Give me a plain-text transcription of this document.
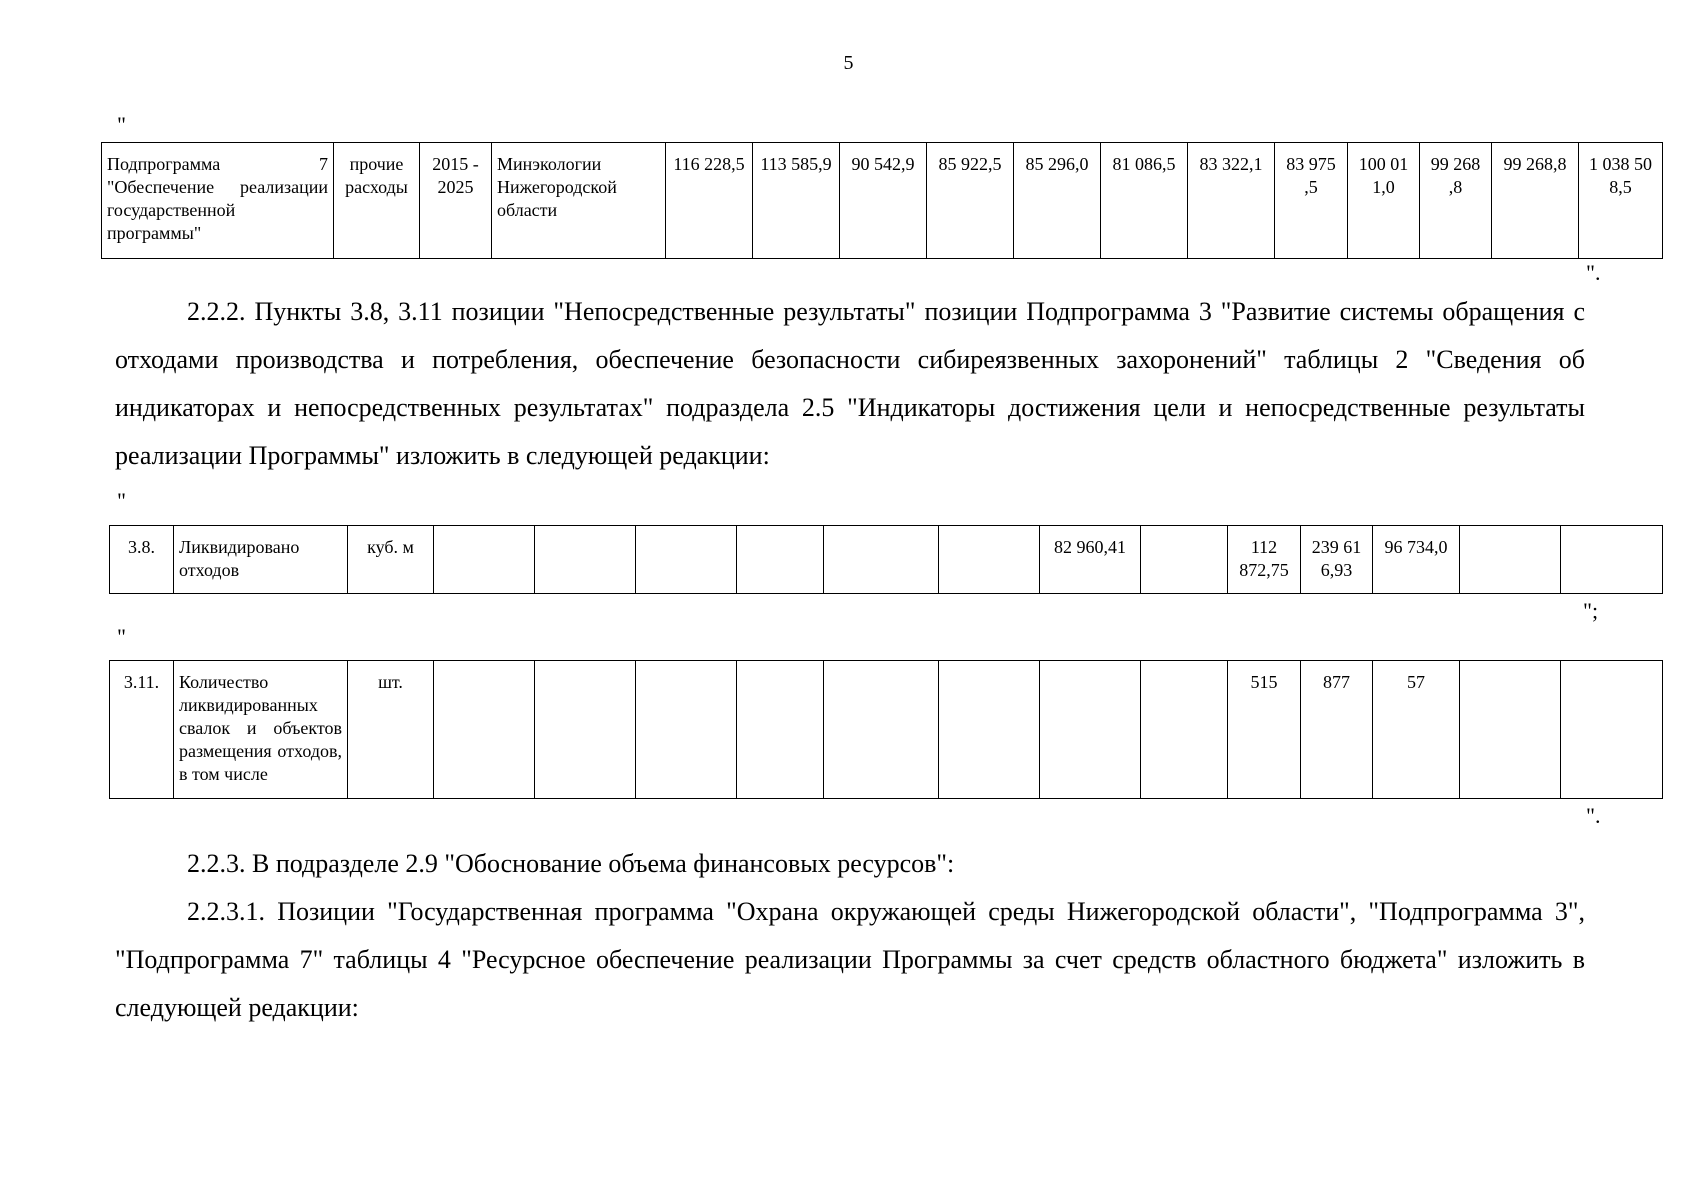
5
"
Подпрограмма 7 "Обеспечение реализации государственной программы"	прочие расходы	2015 - 2025	Минэкологии Нижегородской области	116 228,5	113 585,9	90 542,9	85 922,5	85 296,0	81 086,5	83 322,1	83 975 ,5	100 01 1,0	99 268 ,8	99 268,8	1 038 50 8,5
".
2.2.2. Пункты 3.8, 3.11 позиции "Непосредственные результаты" позиции Подпрограмма 3 "Развитие системы обращения с отходами производства и потребления, обеспечение безопасности сибиреязвенных захоронений" таблицы 2 "Сведения об индикаторах и непосредственных результатах" подраздела 2.5 "Индикаторы достижения цели и непосредственные результаты реализации Программы" изложить в следующей редакции:
"
3.8.	Ликвидировано отходов	куб. м							82 960,41		112 872,75	239 61 6,93	96 734,0		
";
"
3.11.	Количество ликвидированных свалок и объектов размещения отходов, в том числе	шт.									515	877	57		
".
2.2.3. В подразделе 2.9 "Обоснование объема финансовых ресурсов":
2.2.3.1. Позиции "Государственная программа "Охрана окружающей среды Нижегородской области", "Подпрограмма 3", "Подпрограмма 7" таблицы 4 "Ресурсное обеспечение реализации Программы за счет средств областного бюджета" изложить в следующей редакции:
